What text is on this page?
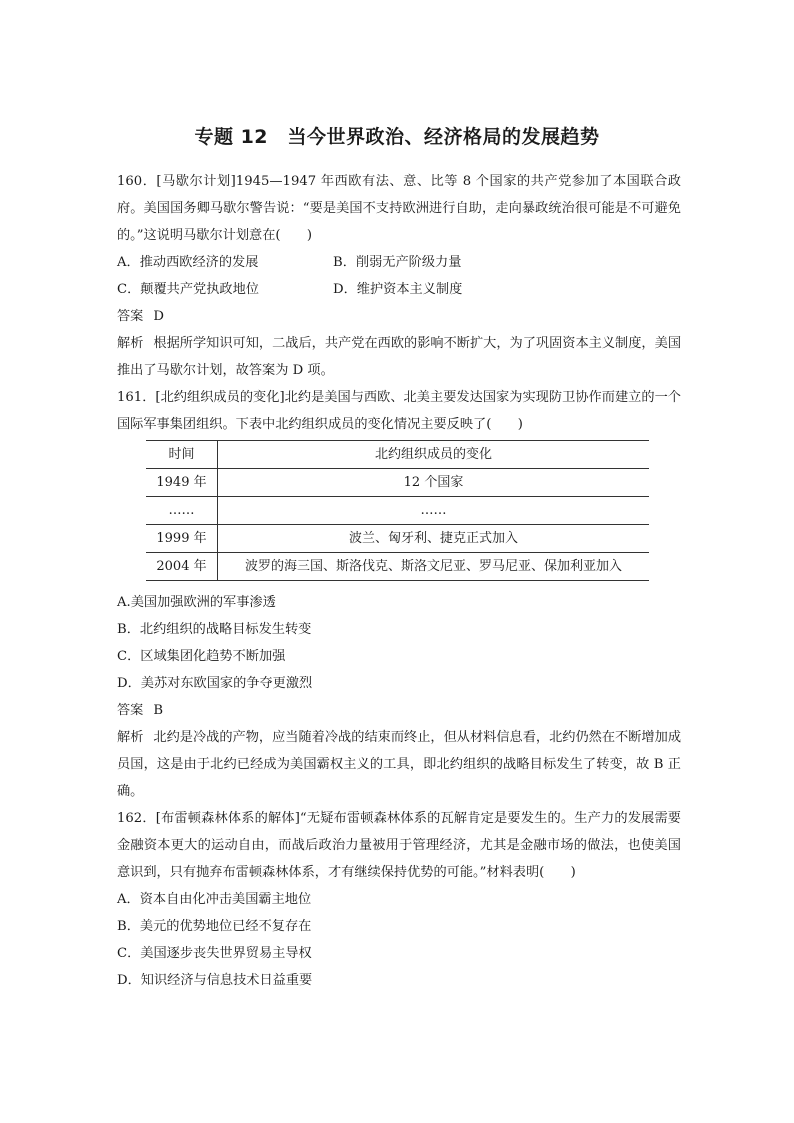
专题 12　当今世界政治、经济格局的发展趋势

160．[马歇尔计划]1945—1947 年西欧有法、意、比等 8 个国家的共产党参加了本国联合政府。美国国务卿马歇尔警告说：“要是美国不支持欧洲进行自助，走向暴政统治很可能是不可避免的。”这说明马歇尔计划意在(　　)

A．推动西欧经济的发展	B．削弱无产阶级力量
C．颠覆共产党执政地位	D．维护资本主义制度

答案 D

解析 根据所学知识可知，二战后，共产党在西欧的影响不断扩大，为了巩固资本主义制度，美国推出了马歇尔计划，故答案为 D 项。

161．[北约组织成员的变化]北约是美国与西欧、北美主要发达国家为实现防卫协作而建立的一个国际军事集团组织。下表中北约组织成员的变化情况主要反映了(　　)

时间	北约组织成员的变化
1949 年	12 个国家
……	……
1999 年	波兰、匈牙利、捷克正式加入
2004 年	波罗的海三国、斯洛伐克、斯洛文尼亚、罗马尼亚、保加利亚加入

A.美国加强欧洲的军事渗透

B．北约组织的战略目标发生转变

C．区域集团化趋势不断加强

D．美苏对东欧国家的争夺更激烈

答案 B

解析 北约是冷战的产物，应当随着冷战的结束而终止，但从材料信息看，北约仍然在不断增加成员国，这是由于北约已经成为美国霸权主义的工具，即北约组织的战略目标发生了转变，故 B 正确。

162．[布雷顿森林体系的解体]“无疑布雷顿森林体系的瓦解肯定是要发生的。生产力的发展需要金融资本更大的运动自由，而战后政治力量被用于管理经济，尤其是金融市场的做法，也使美国意识到，只有抛弃布雷顿森林体系，才有继续保持优势的可能。”材料表明(　　)

A．资本自由化冲击美国霸主地位

B．美元的优势地位已经不复存在

C．美国逐步丧失世界贸易主导权

D．知识经济与信息技术日益重要
